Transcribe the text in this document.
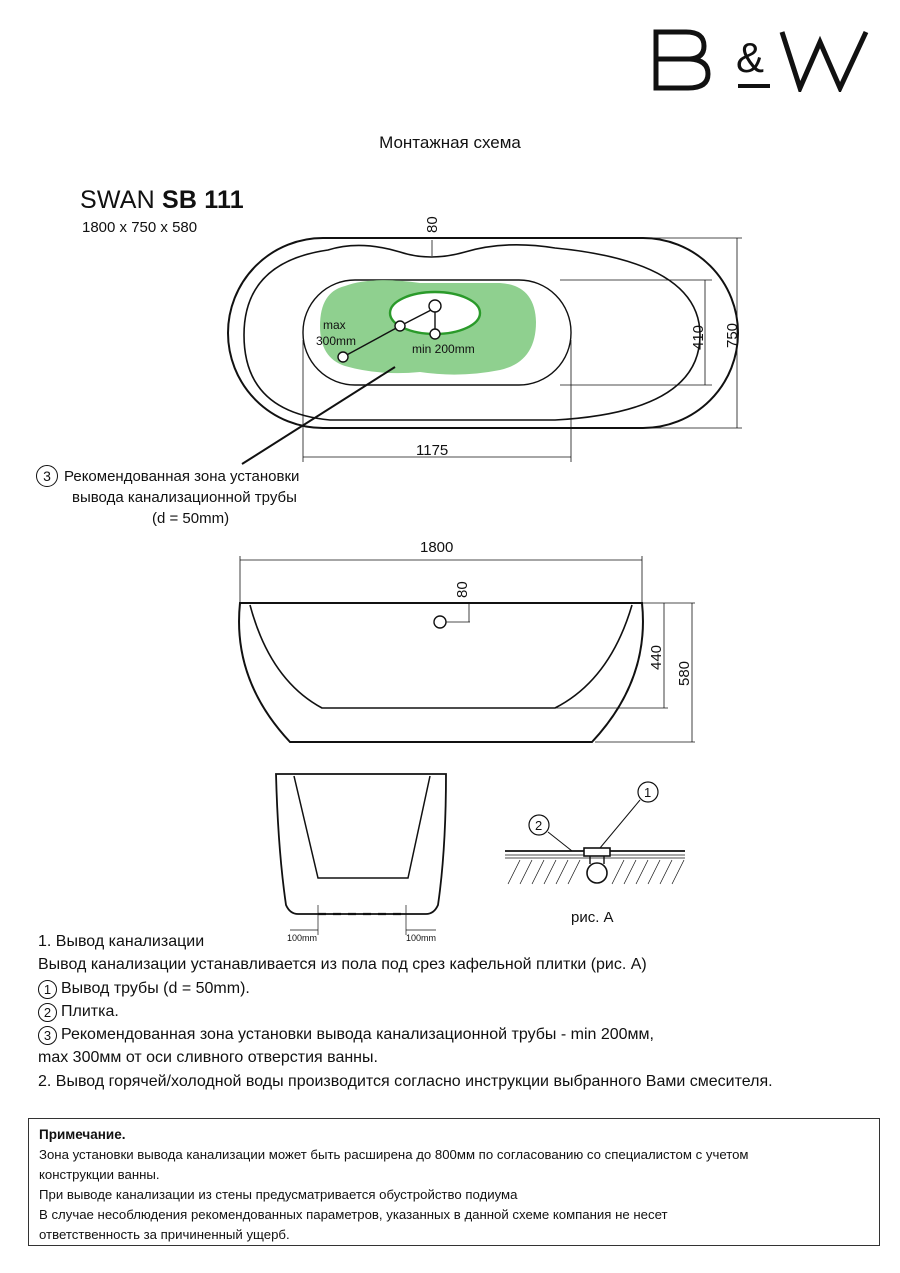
&
Монтажная схема
SWAN SB 111
1800 x 750 x 580	80
410 750
1175
max
300mm
min 200mm
1800
80
440
580
100mm	100mm
1
2
рис. А
3 Рекомендованная зона установки
вывода канализационной трубы
(d = 50mm)
1. Вывод канализации
Вывод канализации устанавливается из пола под срез кафельной плитки (рис. А)
1 Вывод трубы (d = 50mm).
2 Плитка.
3 Рекомендованная зона установки вывода канализационной трубы - min 200мм,
max 300мм от оси сливного отверстия ванны.
2. Вывод горячей/холодной воды производится согласно инструкции выбранного Вами смесителя.
Примечание.
Зона установки вывода канализации может быть расширена до 800мм по согласованию со специалистом с учетом
конструкции ванны.
При выводе канализации из стены предусматривается обустройство подиума
В случае несоблюдения рекомендованных параметров, указанных в данной схеме компания не несет
ответственность за причиненный ущерб.
